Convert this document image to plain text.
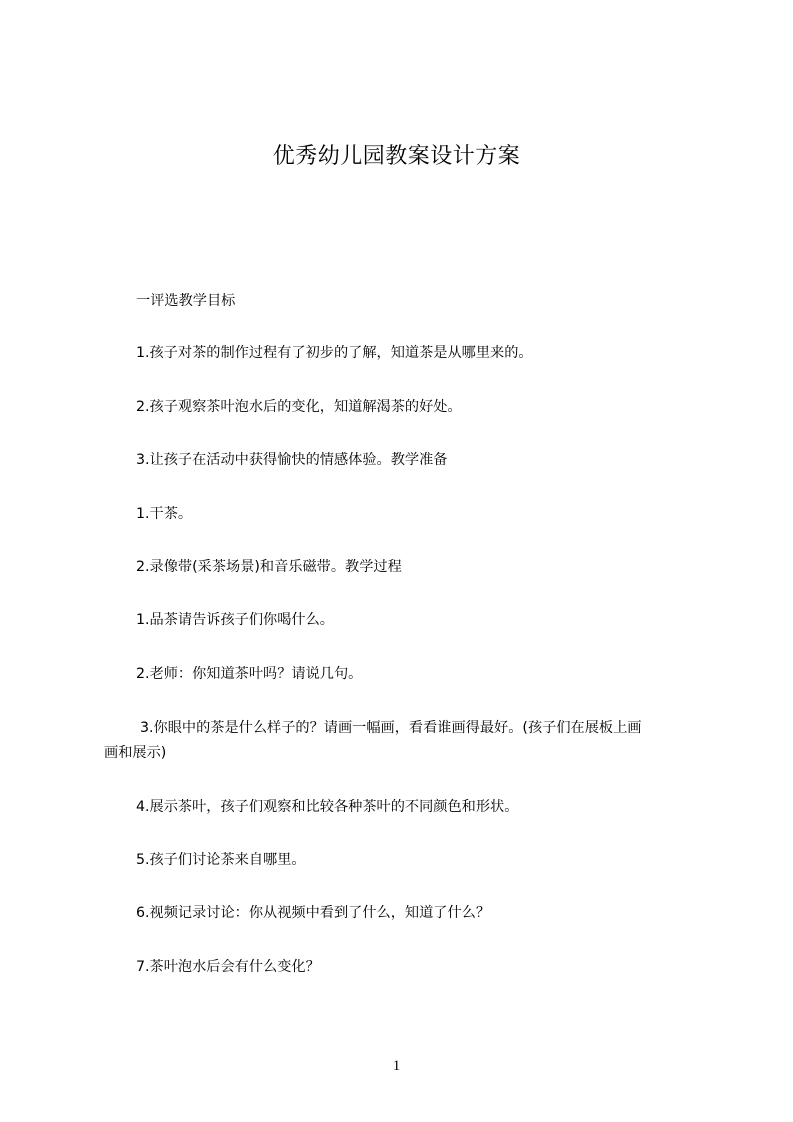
优秀幼儿园教案设计方案
一评选教学目标
1.孩子对茶的制作过程有了初步的了解，知道茶是从哪里来的。
2.孩子观察茶叶泡水后的变化，知道解渴茶的好处。
3.让孩子在活动中获得愉快的情感体验。教学准备
1.干茶。
2.录像带(采茶场景)和音乐磁带。教学过程
1.品茶请告诉孩子们你喝什么。
2.老师：你知道茶叶吗？请说几句。
3.你眼中的茶是什么样子的？请画一幅画，看看谁画得最好。(孩子们在展板上画
画和展示)
4.展示茶叶，孩子们观察和比较各种茶叶的不同颜色和形状。
5.孩子们讨论茶来自哪里。
6.视频记录讨论：你从视频中看到了什么，知道了什么？
7.茶叶泡水后会有什么变化？
1
